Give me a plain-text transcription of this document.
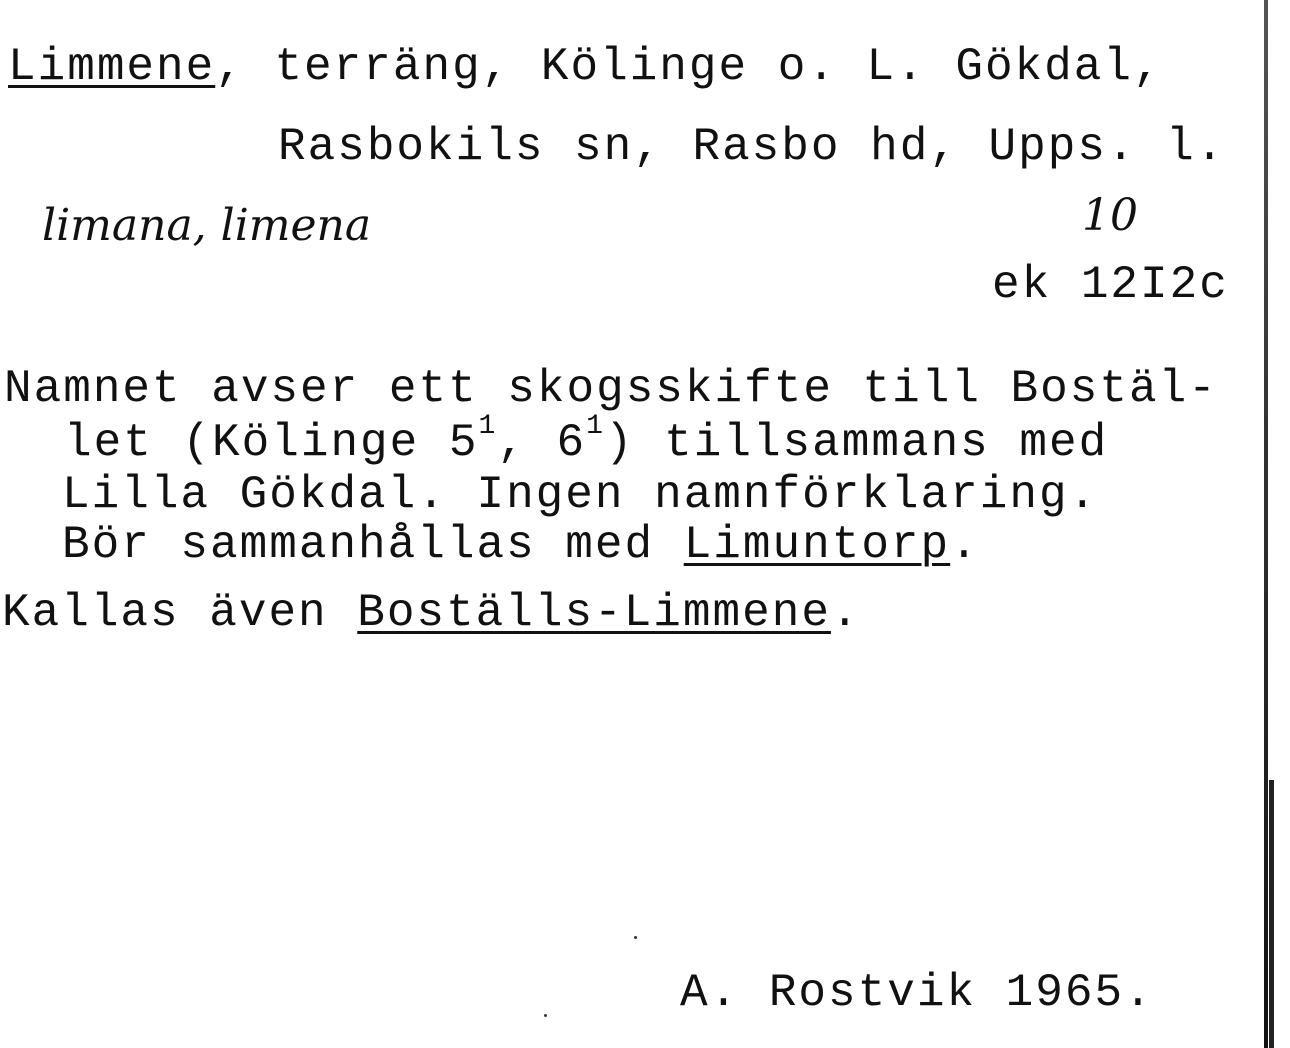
Limmene, terräng, Kölinge o. L. Gökdal,
Rasbokils sn, Rasbo hd, Upps. l.
limana, limena	10
ek 12I2c
Namnet avser ett skogsskifte till Bostäl-
let (Kölinge $5^1$, $6^1$) tillsammans med
Lilla Gökdal. Ingen namnförklaring.
Bör sammanhållas med Limuntorp.
Kallas även Boställs-Limmene.
A. Rostvik 1965.
